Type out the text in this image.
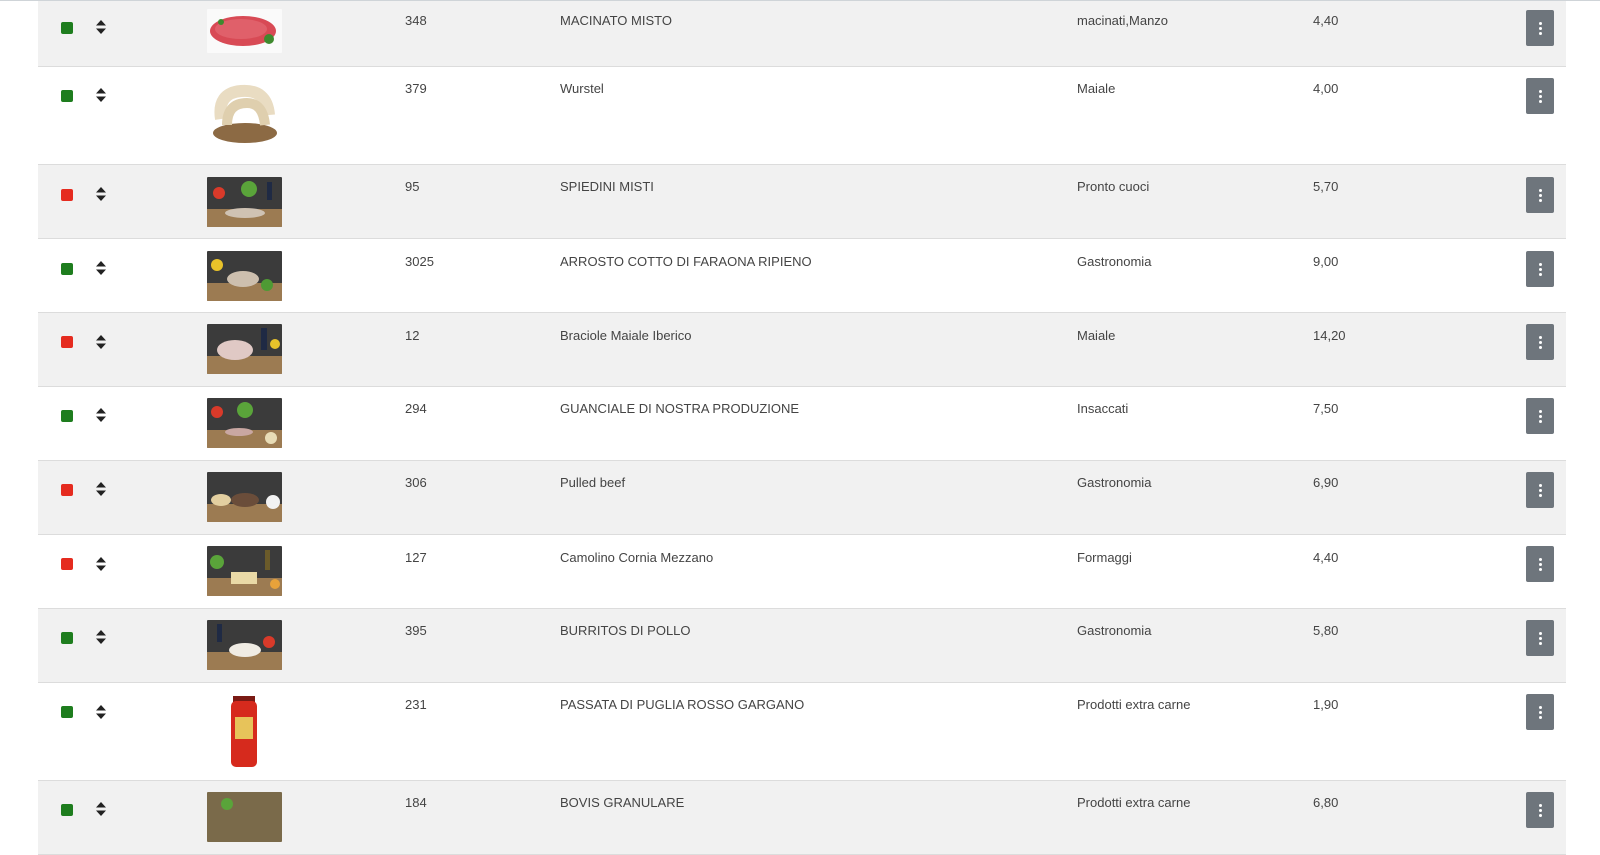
348	MACINATO MISTO	macinati,Manzo	4,40
379	Wurstel	Maiale	4,00
95	SPIEDINI MISTI	Pronto cuoci	5,70
3025	ARROSTO COTTO DI FARAONA RIPIENO	Gastronomia	9,00
12	Braciole Maiale Iberico	Maiale	14,20
294	GUANCIALE DI NOSTRA PRODUZIONE	Insaccati	7,50
306	Pulled beef	Gastronomia	6,90
127	Camolino Cornia Mezzano	Formaggi	4,40
395	BURRITOS DI POLLO	Gastronomia	5,80
231	PASSATA DI PUGLIA ROSSO GARGANO	Prodotti extra carne	1,90
184	BOVIS GRANULARE	Prodotti extra carne	6,80
